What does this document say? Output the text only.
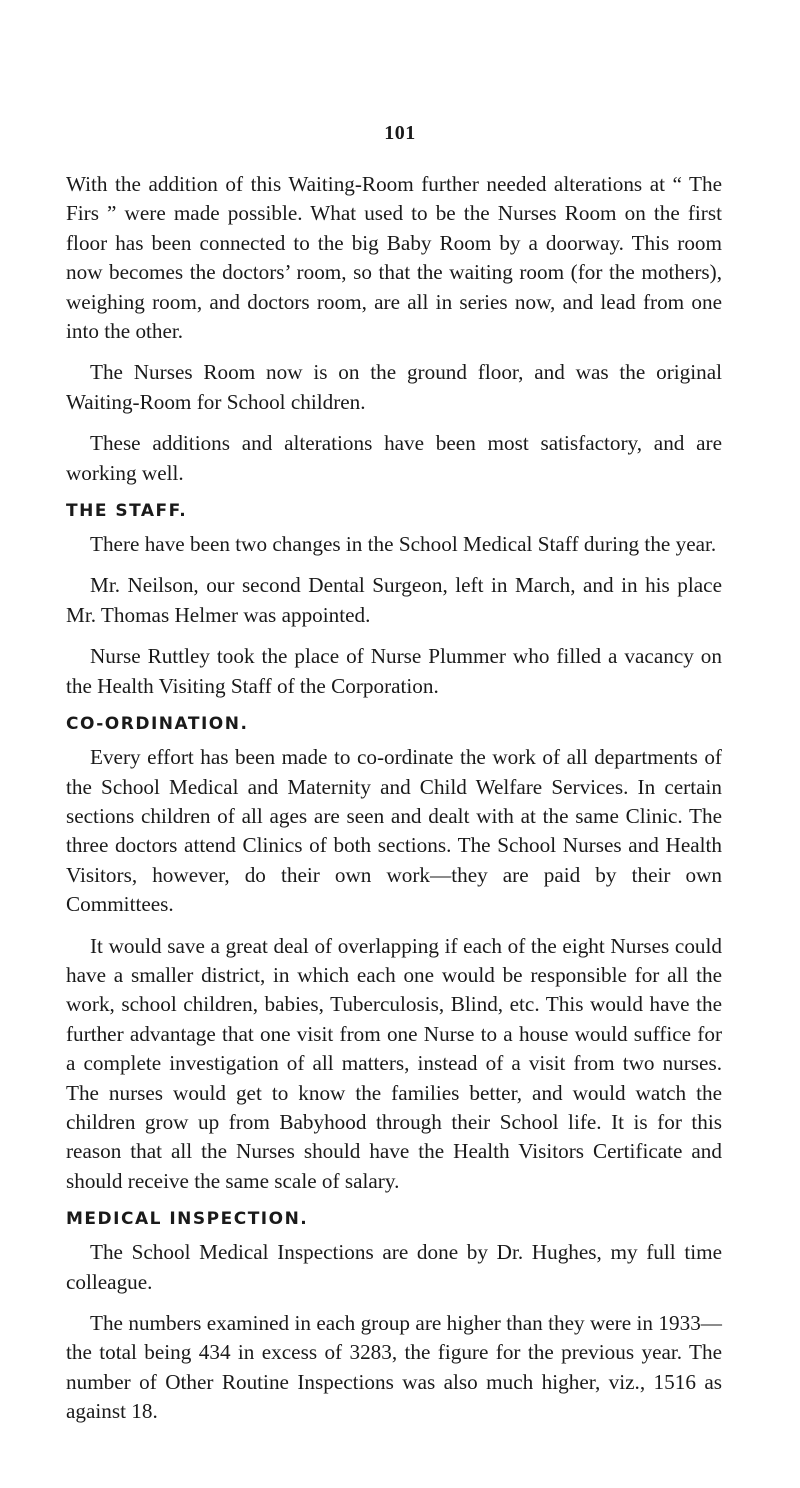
101

With the addition of this Waiting-Room further needed alterations at “ The Firs ” were made possible. What used to be the Nurses Room on the first floor has been connected to the big Baby Room by a doorway. This room now becomes the doctors’ room, so that the waiting room (for the mothers), weighing room, and doctors room, are all in series now, and lead from one into the other.

The Nurses Room now is on the ground floor, and was the original Waiting-Room for School children.

These additions and alterations have been most satisfactory, and are working well.

THE STAFF.

There have been two changes in the School Medical Staff during the year.

Mr. Neilson, our second Dental Surgeon, left in March, and in his place Mr. Thomas Helmer was appointed.

Nurse Ruttley took the place of Nurse Plummer who filled a vacancy on the Health Visiting Staff of the Corporation.

CO-ORDINATION.

Every effort has been made to co-ordinate the work of all departments of the School Medical and Maternity and Child Welfare Services. In certain sections children of all ages are seen and dealt with at the same Clinic. The three doctors attend Clinics of both sections. The School Nurses and Health Visitors, however, do their own work—they are paid by their own Committees.

It would save a great deal of overlapping if each of the eight Nurses could have a smaller district, in which each one would be responsible for all the work, school children, babies, Tuberculosis, Blind, etc. This would have the further advantage that one visit from one Nurse to a house would suffice for a complete investigation of all matters, instead of a visit from two nurses. The nurses would get to know the families better, and would watch the children grow up from Babyhood through their School life. It is for this reason that all the Nurses should have the Health Visitors Certificate and should receive the same scale of salary.

MEDICAL INSPECTION.

The School Medical Inspections are done by Dr. Hughes, my full time colleague.

The numbers examined in each group are higher than they were in 1933—the total being 434 in excess of 3283, the figure for the previous year. The number of Other Routine Inspections was also much higher, viz., 1516 as against 18.
